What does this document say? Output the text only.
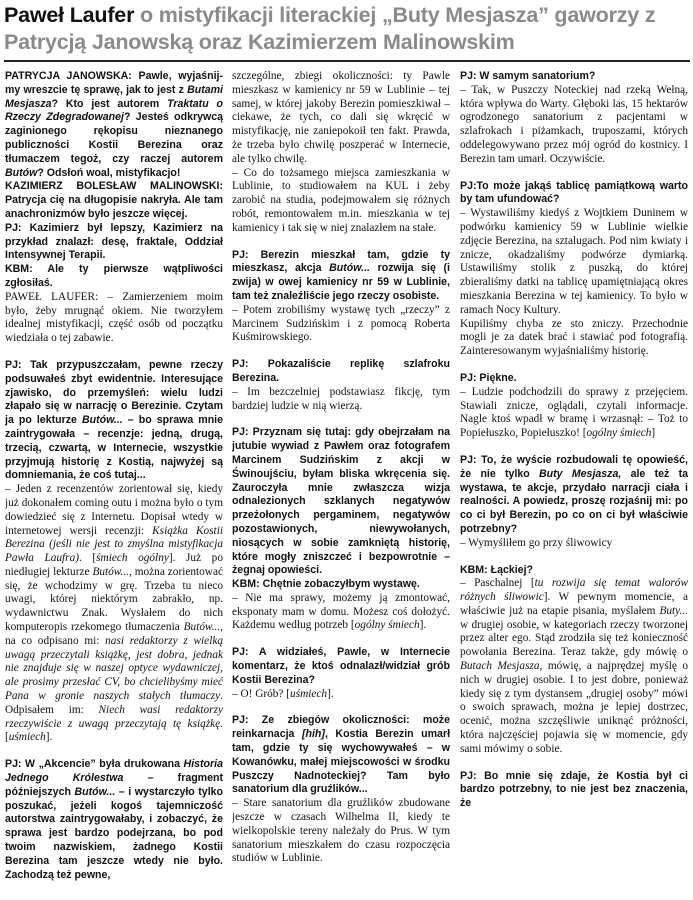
Paweł Laufer o mistyfikacji literackiej „Buty Mesjasza” gaworzy z Patrycją Janowską oraz Kazimierzem Malinowskim

PATRYCJA JANOWSKA: Pawle, wyjaśnij-my wreszcie tę sprawę, jak to jest z Butami Mesjasza? Kto jest autorem Traktatu o Rzeczy Zdegradowanej? Jesteś odkrywcą zaginionego rękopisu nieznanego publiczności Kostii Berezina oraz tłumaczem tegoż, czy raczej autorem Butów? Odsłoń woal, mistyfikacjo!

KAZIMIERZ BOLESŁAW MALINOWSKI: Patrycja cię na długopisie nakryła. Ale tam anachronizmów było jeszcze więcej.

PJ: Kazimierz był lepszy, Kazimierz na przykład znalazł: desę, fraktale, Oddział Intensywnej Terapii.

KBM: Ale ty pierwsze wątpliwości zgłosiłaś.

PAWEŁ LAUFER: – Zamierzeniem moim było, żeby mrugnąć okiem. Nie tworzyłem idealnej mistyfikacji, część osób od początku wiedziała o tej zabawie.

PJ: Tak przypuszczałam, pewne rzeczy podsuwałeś zbyt ewidentnie. Interesujące zjawisko, do przemyśleń: wielu ludzi złapało się w narrację o Berezinie. Czytam ja po lekturze Butów... – bo sprawa mnie zaintrygowała – recenzje: jedną, drugą, trzecią, czwartą, w Internecie, wszystkie przyjmują historię z Kostią, najwyżej są domniemania, że coś tutaj...

– Jeden z recenzentów zorientował się, kiedy już dokonałem coming outu i można było o tym dowiedzieć się z Internetu. Dopisał wtedy w internetowej wersji recenzji: Książka Kostii Berezina (jeśli nie jest to zmyślna mistyfikacja Pawła Laufra). [śmiech ogólny]. Już po niedługiej lekturze Butów..., można zorientować się, że wchodzimy w grę. Trzeba tu nieco uwagi, której niektórym zabrakło, np. wydawnictwu Znak. Wysłałem do nich komputeropis rzekomego tłumaczenia Butów..., na co odpisano mi: nasi redaktorzy z wielką uwagą przeczytali książkę, jest dobra, jednak nie znajduje się w naszej optyce wydawniczej, ale prosimy przesłać CV, bo chcielibyśmy mieć Pana w gronie naszych stałych tłumaczy. Odpisałem im: Niech wasi redaktorzy rzeczywiście z uwagą przeczytają tę książkę. [uśmiech].

PJ: W „Akcencie” była drukowana Historia Jednego Królestwa – fragment późniejszych Butów... – i wystarczyło tylko poszukać, jeżeli kogoś tajemniczość autorstwa zaintrygowałaby, i zobaczyć, że sprawa jest bardzo podejrzana, bo pod twoim nazwiskiem, żadnego Kostii Berezina tam jeszcze wtedy nie było. Zachodzą też pewne,

szczególne, zbiegi okoliczności: ty Pawle mieszkasz w kamienicy nr 59 w Lublinie – tej samej, w której jakoby Berezin pomieszkiwał – ciekawe, że tych, co dali się wkręcić w mistyfikację, nie zaniepokoił ten fakt. Prawda, że trzeba było chwilę poszperać w Internecie, ale tylko chwilę.

– Co do tożsamego miejsca zamieszkania w Lublinie, to studiowałem na KUL i żeby zarobić na studia, podejmowałem się różnych robót, remontowałem m.in. mieszkania w tej kamienicy i tak się w niej znalazłem na stałe.

PJ: Berezin mieszkał tam, gdzie ty mieszkasz, akcja Butów... rozwija się (i zwija) w owej kamienicy nr 59 w Lublinie, tam też znaleźliście jego rzeczy osobiste.

– Potem zrobiliśmy wystawę tych „rzeczy” z Marcinem Sudzińskim i z pomocą Roberta Kuśmirowskiego.

PJ: Pokazaliście replikę szlafroku Berezina.

– Im bezczelniej podstawiasz fikcję, tym bardziej ludzie w nią wierzą.

PJ: Przyznam się tutaj: gdy obejrzałam na jutubie wywiad z Pawłem oraz fotografem Marcinem Sudzińskim z akcji w Świnoujściu, byłam bliska wkręcenia się. Zauroczyła mnie zwłaszcza wizja odnalezionych szklanych negatywów przeżołonych pergaminem, negatywów pozostawionych, niewywołanych, niosących w sobie zamkniętą historię, które mogły zniszczeć i bezpowrotnie – żegnaj opowieści.

KBM: Chętnie zobaczyłbym wystawę.

– Nie ma sprawy, możemy ją zmontować, eksponaty mam w domu. Możesz coś dołożyć. Każdemu według potrzeb [ogólny śmiech].

PJ: A widziałeś, Pawle, w Internecie komentarz, że ktoś odnalazł/widział grób Kostii Berezina?

– O! Grób? [uśmiech].

PJ: Ze zbiegów okoliczności: może reinkarnacja [hih], Kostia Berezin umarł tam, gdzie ty się wychowywałeś – w Kowanówku, małej miejscowości w środku Puszczy Nadnoteckiej? Tam było sanatorium dla gruźlików...

– Stare sanatorium dla gruźlików zbudowane jeszcze w czasach Wilhelma II, kiedy te wielkopolskie tereny należały do Prus. W tym sanatorium mieszkałem do czasu rozpoczęcia studiów w Lublinie.

PJ: W samym sanatorium?

– Tak, w Puszczy Noteckiej nad rzeką Wełną, która wpływa do Warty. Głęboki las, 15 hektarów ogrodzonego sanatorium z pacjentami w szlafrokach i piżamkach, truposzami, których oddelegowywano przez mój ogród do kostnicy. I Berezin tam umarł. Oczywiście.

PJ:To może jakąś tablicę pamiątkową warto by tam ufundować?

– Wystawiliśmy kiedyś z Wojtkiem Duninem w podwórku kamienicy 59 w Lublinie wielkie zdjęcie Berezina, na sztalugach. Pod nim kwiaty i znicze, okadzaliśmy podwórze dymiarką. Ustawiliśmy stolik z puszką, do której zbieraliśmy datki na tablicę upamiętniającą okres mieszkania Berezina w tej kamienicy. To było w ramach Nocy Kultury.

Kupiliśmy chyba ze sto zniczy. Przechodnie mogli je za datek brać i stawiać pod fotografią. Zainteresowanym wyjaśnialiśmy historię.

PJ: Piękne.

– Ludzie podchodzili do sprawy z przejęciem. Stawiali znicze, oglądali, czytali informacje. Nagle ktoś wpadł w bramę i wrzasnął: – Toż to Popiełuszko, Popiełuszko! [ogólny śmiech]

PJ: To, że wyście rozbudowali tę opowieść, że nie tylko Buty Mesjasza, ale też ta wystawa, te akcje, przydało narracji ciała i realności. A powiedz, proszę rozjaśnij mi: po co ci był Berezin, po co on ci był właściwie potrzebny?

– Wymyśliłem go przy śliwowicy

KBM: Łąckiej?

– Paschalnej [tu rozwija się temat walorów różnych śliwowic]. W pewnym momencie, a właściwie już na etapie pisania, myślałem Buty... w drugiej osobie, w kategoriach rzeczy tworzonej przez alter ego. Stąd zrodziła się też konieczność powołania Berezina. Teraz także, gdy mówię o Butach Mesjasza, mówię, a najprędzej myślę o nich w drugiej osobie. I to jest dobre, ponieważ kiedy się z tym dystansem „drugiej osoby” mówi o swoich sprawach, można je lepiej dostrzec, ocenić, można szczęśliwie uniknąć próżności, która najczęściej pojawia się w momencie, gdy sami mówimy o sobie.

PJ: Bo mnie się zdaje, że Kostia był ci bardzo potrzebny, to nie jest bez znaczenia, że
